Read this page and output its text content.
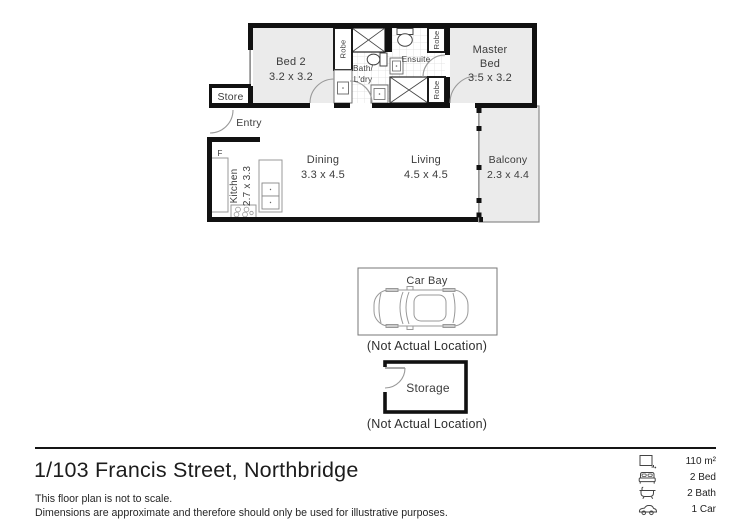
Bed 2
3.2 x 3.2
Master
Bed
3.5 x 3.2
Ensuite
Bath/
L'dry
Robe	Robe
Robe
Store
Entry
F
Kitchen 2.7 x 3.3
Dining
3.3 x 4.5
Living
4.5 x 4.5
Balcony
2.3 x 4.4
Car Bay
(Not Actual Location)
Storage
(Not Actual Location)
1/103 Francis Street, Northbridge
This floor plan is not to scale.
Dimensions are approximate and therefore should only be used for illustrative purposes.
110 m²
2 Bed
2 Bath
1 Car
